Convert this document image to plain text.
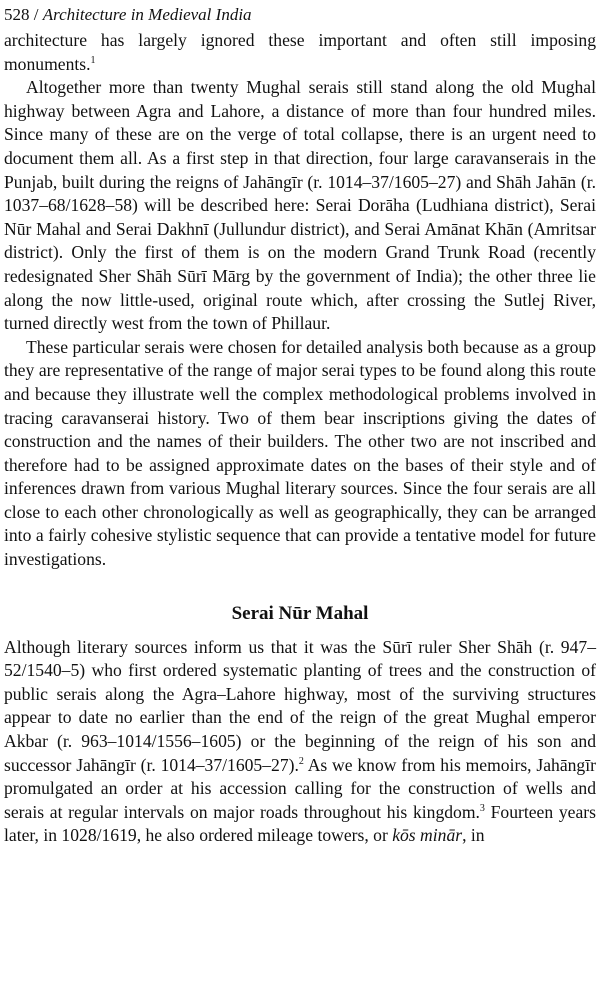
528 / Architecture in Medieval India

architecture has largely ignored these important and often still imposing monuments.$^1$

Altogether more than twenty Mughal serais still stand along the old Mughal highway between Agra and Lahore, a distance of more than four hundred miles. Since many of these are on the verge of total collapse, there is an urgent need to document them all. As a first step in that direction, four large caravanserais in the Punjab, built during the reigns of Jahāngīr (r. 1014–37/1605–27) and Shāh Jahān (r. 1037–68/1628–58) will be described here: Serai Dorāha (Ludhiana district), Serai Nūr Mahal and Serai Dakhnī (Jullundur district), and Serai Amānat Khān (Amritsar district). Only the first of them is on the modern Grand Trunk Road (recently redesignated Sher Shāh Sūrī Mārg by the government of India); the other three lie along the now little-used, original route which, after crossing the Sutlej River, turned directly west from the town of Phillaur.

These particular serais were chosen for detailed analysis both because as a group they are representative of the range of major serai types to be found along this route and because they illustrate well the complex methodological problems involved in tracing caravanserai history. Two of them bear inscriptions giving the dates of construction and the names of their builders. The other two are not inscribed and therefore had to be assigned approximate dates on the bases of their style and of inferences drawn from various Mughal literary sources. Since the four serais are all close to each other chronologically as well as geographically, they can be arranged into a fairly cohesive stylistic sequence that can provide a tentative model for future investigations.

Serai Nūr Mahal

Although literary sources inform us that it was the Sūrī ruler Sher Shāh (r. 947–52/1540–5) who first ordered systematic planting of trees and the construction of public serais along the Agra–Lahore highway, most of the surviving structures appear to date no earlier than the end of the reign of the great Mughal emperor Akbar (r. 963–1014/1556–1605) or the beginning of the reign of his son and successor Jahāngīr (r. 1014–37/1605–27).$^2$ As we know from his memoirs, Jahāngīr promulgated an order at his accession calling for the construction of wells and serais at regular intervals on major roads throughout his kingdom.$^3$ Fourteen years later, in 1028/1619, he also ordered mileage towers, or kōs minār, in
